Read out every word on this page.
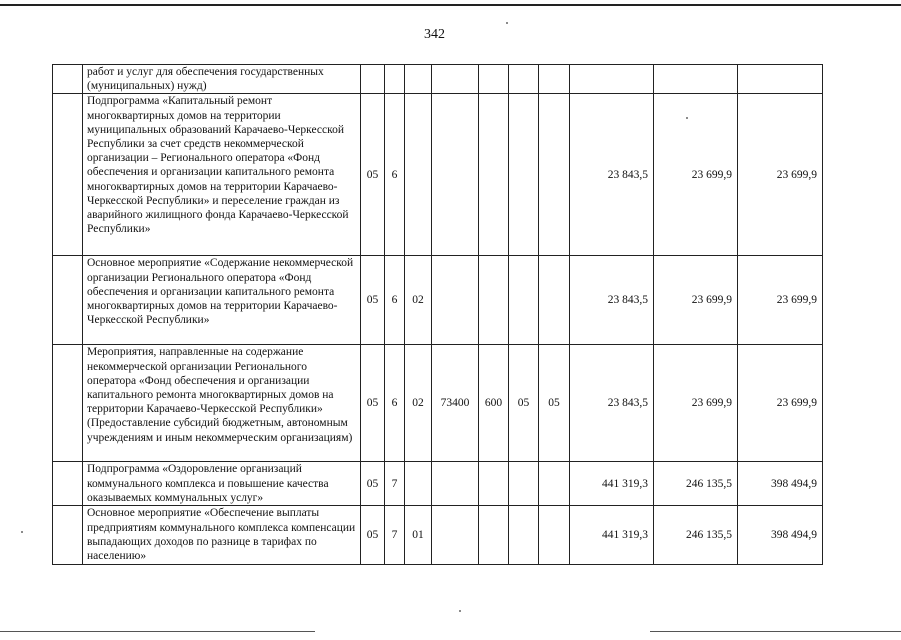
342
	работ и услуг для обеспечения государственных (муниципальных) нужд)										
	Подпрограмма «Капитальный ремонт многоквартирных домов на территории муниципальных образований Карачаево-Черкесской Республики за счет средств некоммерческой организации – Регионального оператора «Фонд обеспечения и организации капитального ремонта многоквартирных домов на территории Карачаево-Черкесской Республики» и переселение граждан из аварийного жилищного фонда Карачаево-Черкесской Республики»	05	6						23 843,5	23 699,9	23 699,9
	Основное мероприятие «Содержание некоммерческой организации Регионального оператора «Фонд обеспечения и организации капитального ремонта многоквартирных домов на территории Карачаево-Черкесской Республики»	05	6	02					23 843,5	23 699,9	23 699,9
	Мероприятия, направленные на содержание некоммерческой организации Регионального оператора «Фонд обеспечения и организации капитального ремонта многоквартирных домов на территории Карачаево-Черкесской Республики» (Предоставление субсидий бюджетным, автономным учреждениям и иным некоммерческим организациям)	05	6	02	73400	600	05	05	23 843,5	23 699,9	23 699,9
	Подпрограмма «Оздоровление организаций коммунального комплекса и повышение качества оказываемых коммунальных услуг»	05	7						441 319,3	246 135,5	398 494,9
	Основное мероприятие «Обеспечение выплаты предприятиям коммунального комплекса компенсации выпадающих доходов по разнице в тарифах по населению»	05	7	01					441 319,3	246 135,5	398 494,9
